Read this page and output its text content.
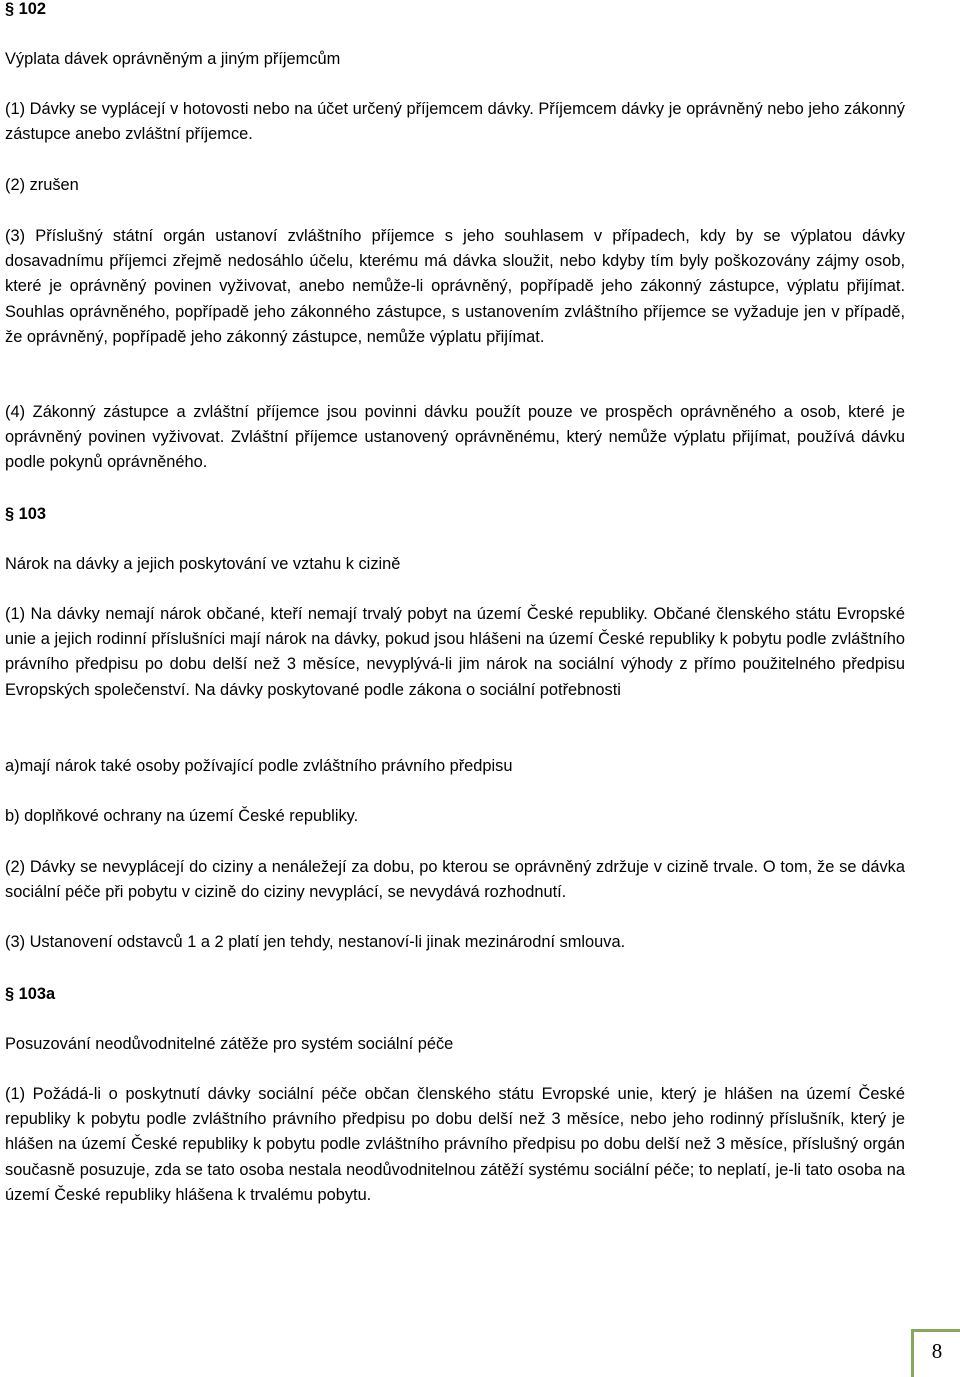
§ 102
Výplata dávek oprávněným a jiným příjemcům
(1) Dávky se vyplácejí v hotovosti nebo na účet určený příjemcem dávky. Příjemcem dávky je oprávněný nebo jeho zákonný zástupce anebo zvláštní příjemce.
(2) zrušen
(3) Příslušný státní orgán ustanoví zvláštního příjemce s jeho souhlasem v případech, kdy by se výplatou dávky dosavadnímu příjemci zřejmě nedosáhlo účelu, kterému má dávka sloužit, nebo kdyby tím byly poškozovány zájmy osob, které je oprávněný povinen vyživovat, anebo nemůže-li oprávněný, popřípadě jeho zákonný zástupce, výplatu přijímat. Souhlas oprávněného, popřípadě jeho zákonného zástupce, s ustanovením zvláštního příjemce se vyžaduje jen v případě, že oprávněný, popřípadě jeho zákonný zástupce, nemůže výplatu přijímat.
(4) Zákonný zástupce a zvláštní příjemce jsou povinni dávku použít pouze ve prospěch oprávněného a osob, které je oprávněný povinen vyživovat. Zvláštní příjemce ustanovený oprávněnému, který nemůže výplatu přijímat, používá dávku podle pokynů oprávněného.
§ 103
Nárok na dávky a jejich poskytování ve vztahu k cizině
(1) Na dávky nemají nárok občané, kteří nemají trvalý pobyt na území České republiky. Občané členského státu Evropské unie a jejich rodinní příslušníci mají nárok na dávky, pokud jsou hlášeni na území České republiky k pobytu podle zvláštního právního předpisu po dobu delší než 3 měsíce, nevyplývá-li jim nárok na sociální výhody z přímo použitelného předpisu Evropských společenství. Na dávky poskytované podle zákona o sociální potřebnosti
a)mají nárok také osoby požívající podle zvláštního právního předpisu
b) doplňkové ochrany na území České republiky.
(2) Dávky se nevyplácejí do ciziny a nenáležejí za dobu, po kterou se oprávněný zdržuje v cizině trvale. O tom, že se dávka sociální péče při pobytu v cizině do ciziny nevyplácí, se nevydává rozhodnutí.
(3) Ustanovení odstavců 1 a 2 platí jen tehdy, nestanoví-li jinak mezinárodní smlouva.
§ 103a
Posuzování neodůvodnitelné zátěže pro systém sociální péče
(1) Požádá-li o poskytnutí dávky sociální péče občan členského státu Evropské unie, který je hlášen na území České republiky k pobytu podle zvláštního právního předpisu po dobu delší než 3 měsíce, nebo jeho rodinný příslušník, který je hlášen na území České republiky k pobytu podle zvláštního právního předpisu po dobu delší než 3 měsíce, příslušný orgán současně posuzuje, zda se tato osoba nestala neodůvodnitelnou zátěží systému sociální péče; to neplatí, je-li tato osoba na území České republiky hlášena k trvalému pobytu.
8
